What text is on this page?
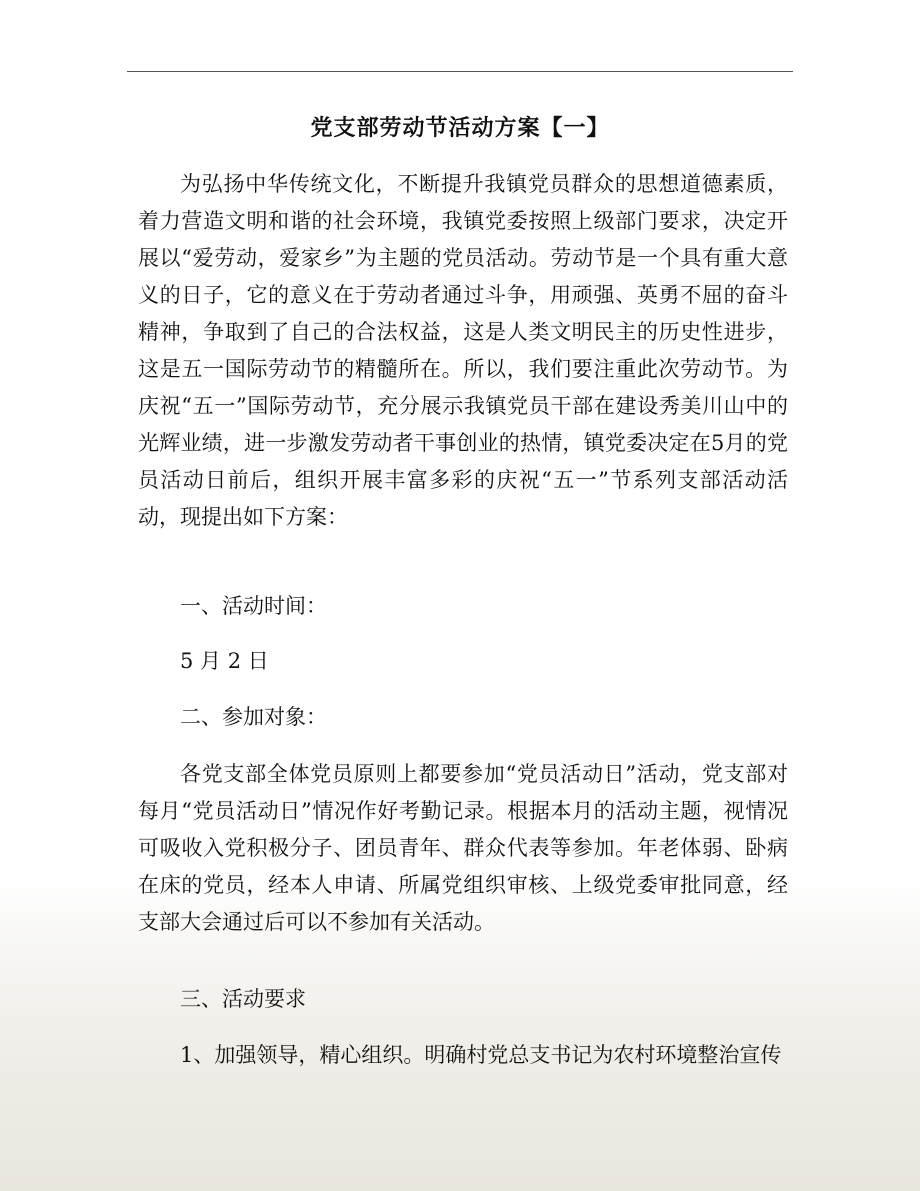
党支部劳动节活动方案【一】

为弘扬中华传统文化，不断提升我镇党员群众的思想道德素质，着力营造文明和谐的社会环境，我镇党委按照上级部门要求，决定开展以“爱劳动，爱家乡”为主题的党员活动。劳动节是一个具有重大意义的日子，它的意义在于劳动者通过斗争，用顽强、英勇不屈的奋斗精神，争取到了自己的合法权益，这是人类文明民主的历史性进步，这是五一国际劳动节的精髓所在。所以，我们要注重此次劳动节。为庆祝“五一”国际劳动节，充分展示我镇党员干部在建设秀美川山中的光辉业绩，进一步激发劳动者干事创业的热情，镇党委决定在5月的党员活动日前后，组织开展丰富多彩的庆祝“五一”节系列支部活动活动，现提出如下方案：

一、活动时间：

5 月 2 日

二、参加对象：

各党支部全体党员原则上都要参加“党员活动日”活动，党支部对每月“党员活动日”情况作好考勤记录。根据本月的活动主题，视情况可吸收入党积极分子、团员青年、群众代表等参加。年老体弱、卧病在床的党员，经本人申请、所属党组织审核、上级党委审批同意，经支部大会通过后可以不参加有关活动。

三、活动要求

1、加强领导，精心组织。明确村党总支书记为农村环境整治宣传
